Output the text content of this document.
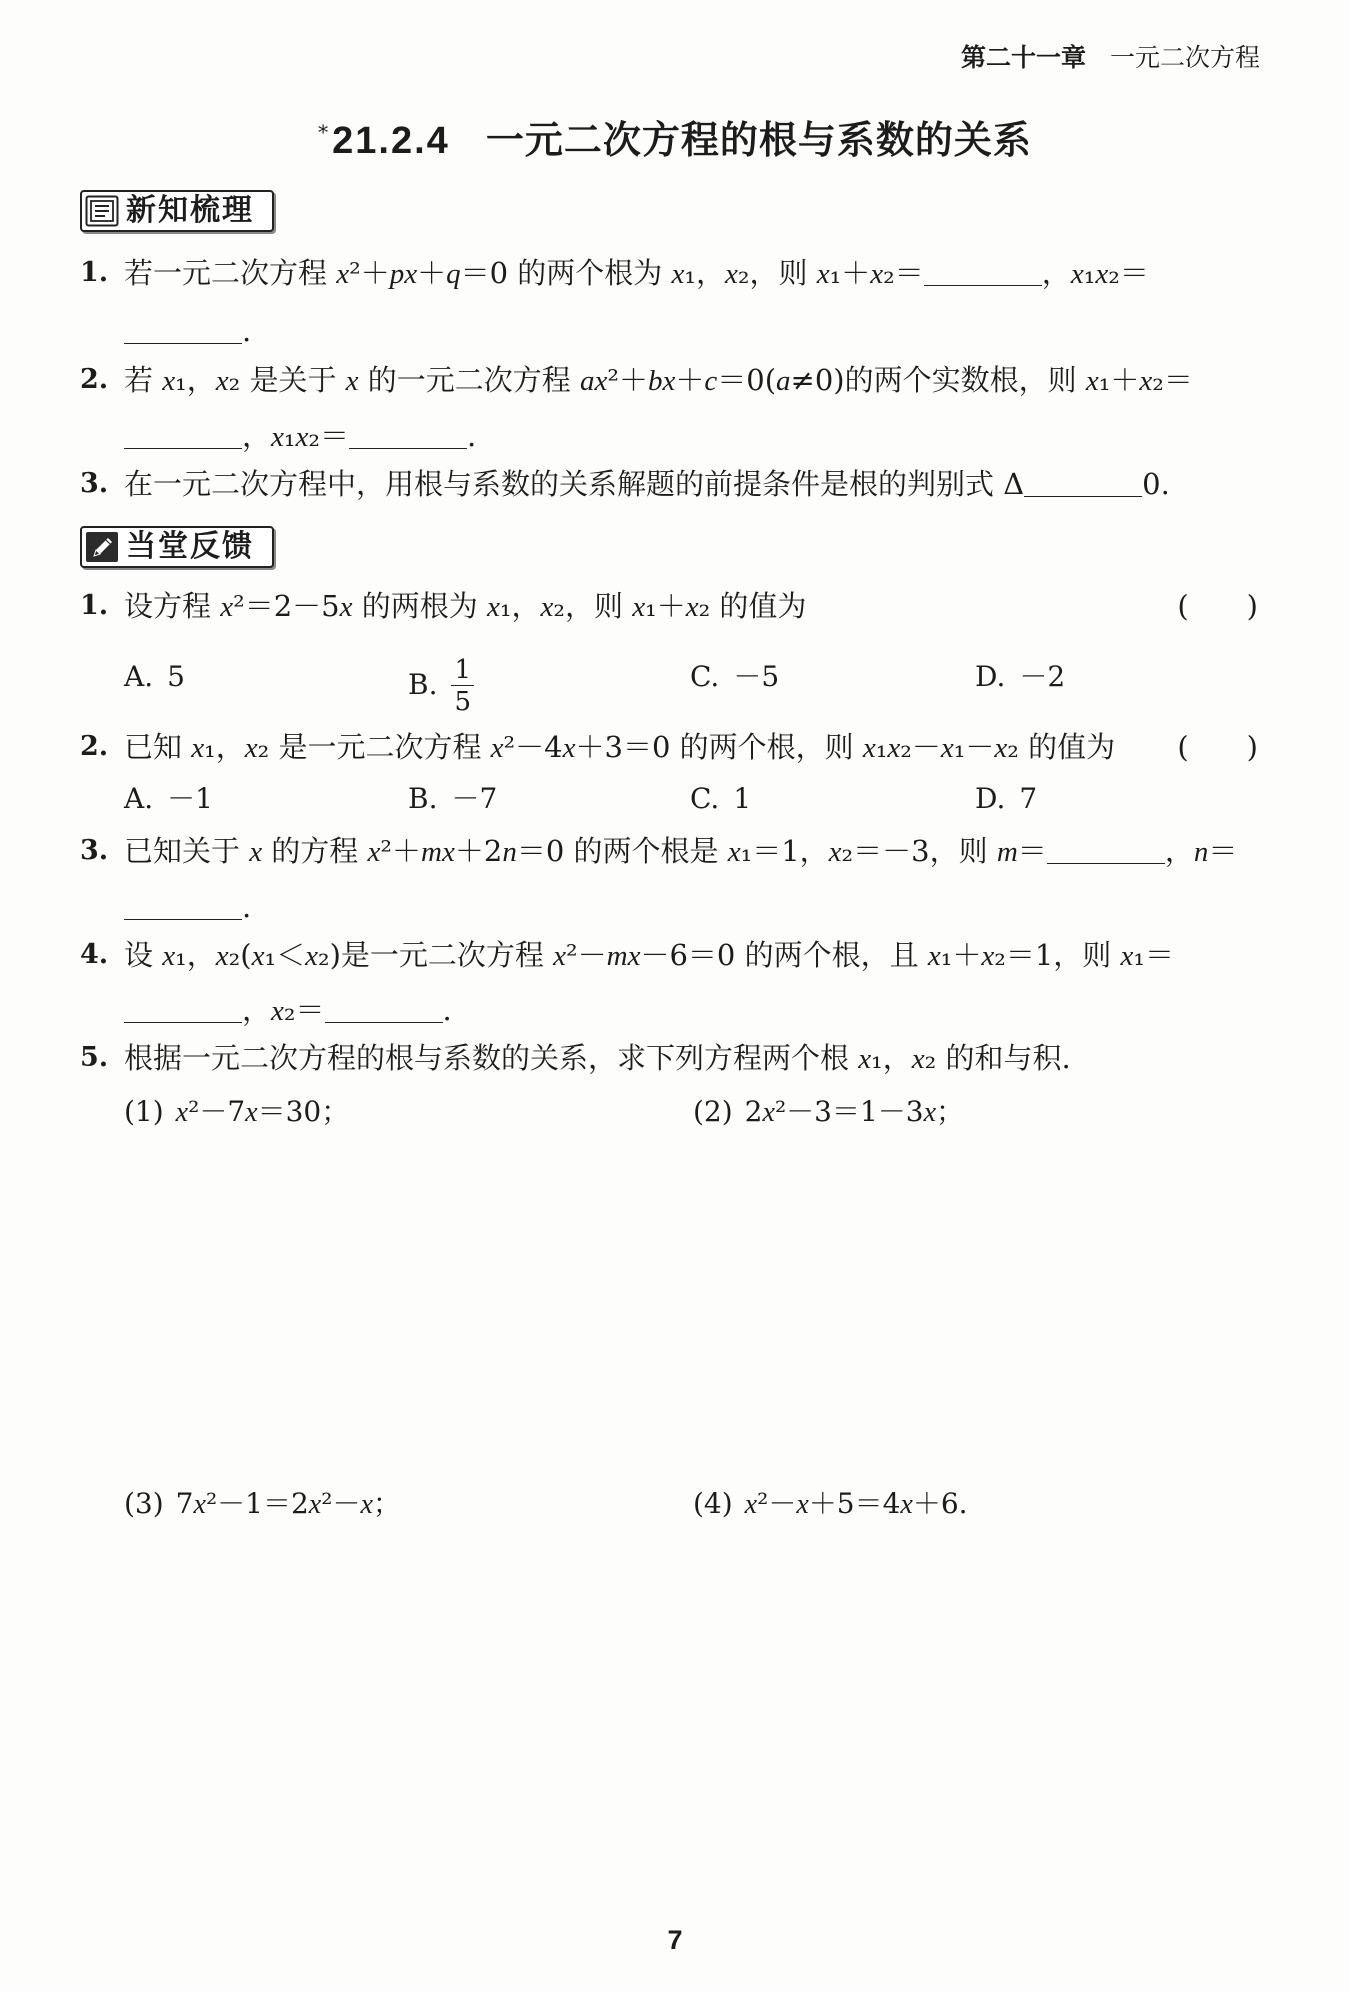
第二十一章 一元二次方程
* 21.2.4 一元二次方程的根与系数的关系
新知梳理
1. 若一元二次方程 x²＋px＋q＝0 的两个根为 x₁，x₂，则 x₁＋x₂＝	，x₁x₂＝
.
2. 若 x₁，x₂ 是关于 x 的一元二次方程 ax²＋bx＋c＝0(a≠0)的两个实数根，则 x₁＋x₂＝
，x₁x₂＝	.
3. 在一元二次方程中，用根与系数的关系解题的前提条件是根的判别式 Δ	0.
当堂反馈
1. 设方程 x²＝2－5x 的两根为 x₁，x₂，则 x₁＋x₂ 的值为	(　　)
A. 5	B. $\frac{1}{5}$	C. －5	D. －2
2. 已知 x₁，x₂ 是一元二次方程 x²－4x＋3＝0 的两个根，则 x₁x₂－x₁－x₂ 的值为 (　　)
A. －1	B. －7	C. 1	D. 7
3. 已知关于 x 的方程 x²＋mx＋2n＝0 的两个根是 x₁＝1，x₂＝－3，则 m＝	，n＝
.
4. 设 x₁，x₂(x₁＜x₂)是一元二次方程 x²－mx－6＝0 的两个根，且 x₁＋x₂＝1，则 x₁＝
，x₂＝	.
5. 根据一元二次方程的根与系数的关系，求下列方程两个根 x₁，x₂ 的和与积.
(1) x²－7x＝30；	(2) 2x²－3＝1－3x；
(3) 7x²－1＝2x²－x；	(4) x²－x＋5＝4x＋6.
7
